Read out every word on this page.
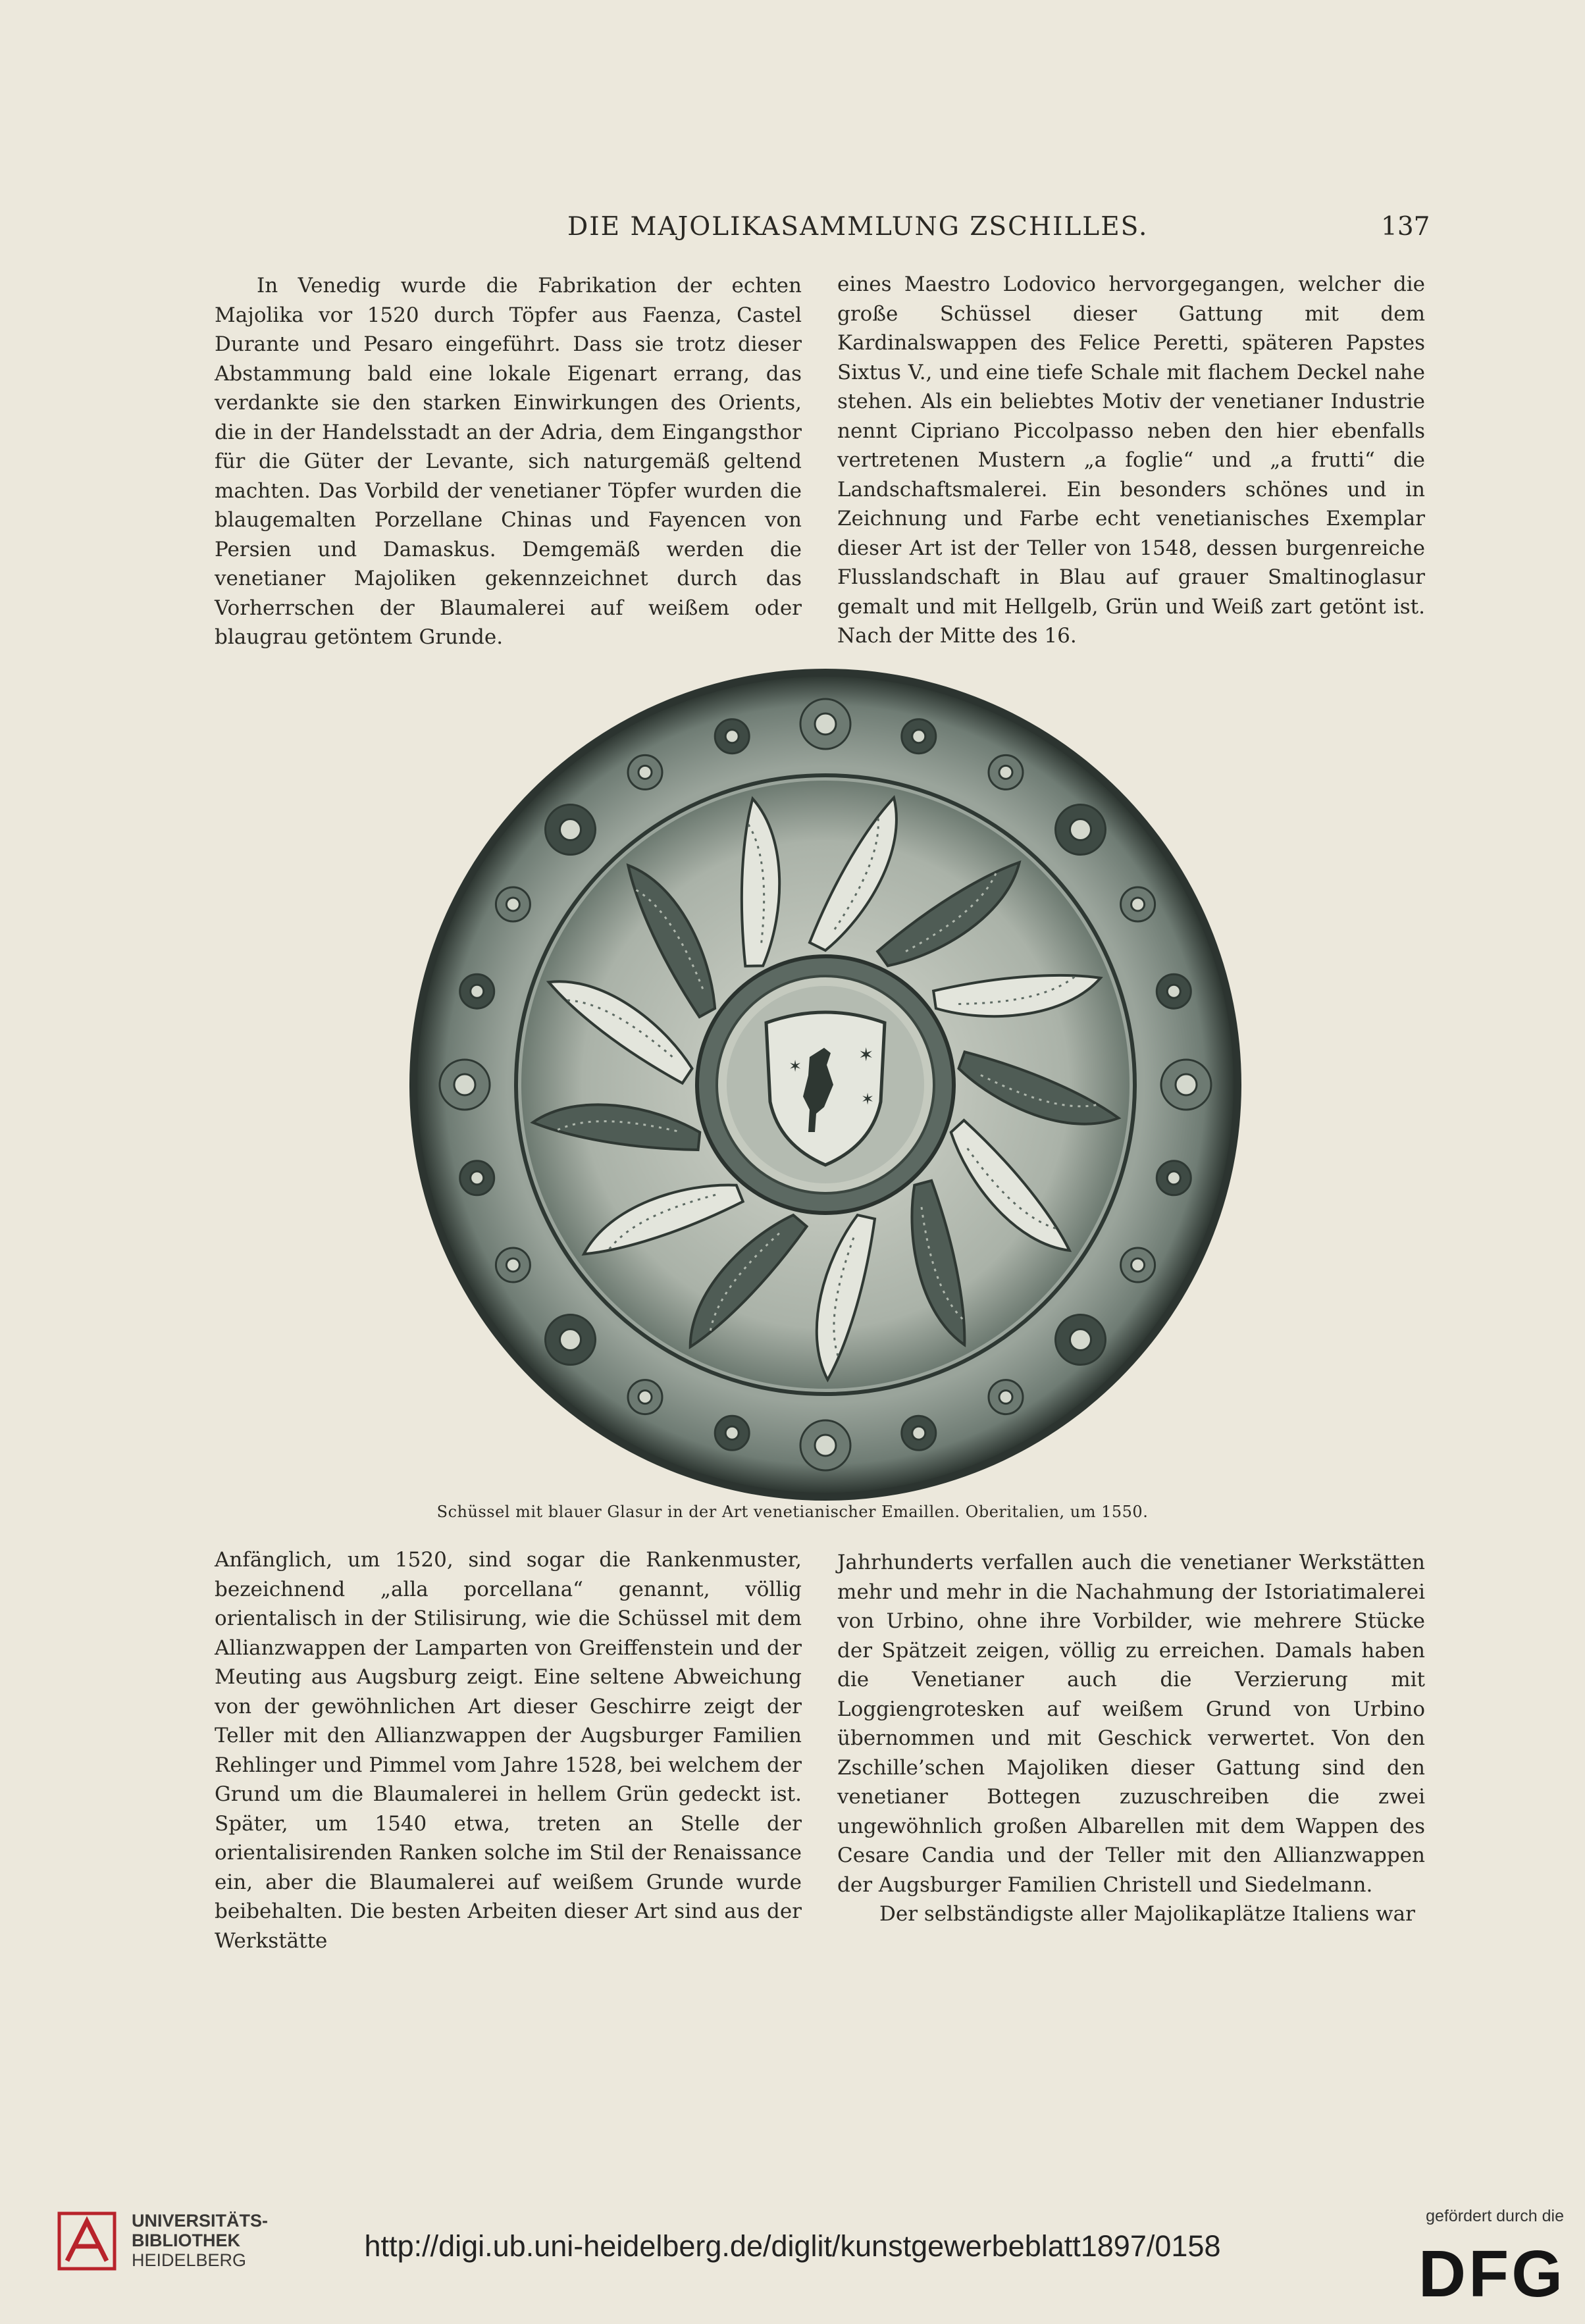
DIE MAJOLIKASAMMLUNG ZSCHILLES.	137

In Venedig wurde die Fabrikation der echten Majolika vor 1520 durch Töpfer aus Faenza, Castel Durante und Pesaro eingeführt. Dass sie trotz dieser Abstammung bald eine lokale Eigenart errang, das verdankte sie den starken Einwirkungen des Orients, die in der Handelsstadt an der Adria, dem Eingangsthor für die Güter der Levante, sich naturgemäß geltend machten. Das Vorbild der venetianer Töpfer wurden die blaugemalten Porzellane Chinas und Fayencen von Persien und Damaskus. Demgemäß werden die venetianer Majoliken gekennzeichnet durch das Vorherrschen der Blaumalerei auf weißem oder blaugrau getöntem Grunde.

eines Maestro Lodovico hervorgegangen, welcher die große Schüssel dieser Gattung mit dem Kardinalswappen des Felice Peretti, späteren Papstes Sixtus V., und eine tiefe Schale mit flachem Deckel nahe stehen. Als ein beliebtes Motiv der venetianer Industrie nennt Cipriano Piccolpasso neben den hier ebenfalls vertretenen Mustern „a foglie“ und „a frutti“ die Landschaftsmalerei. Ein besonders schönes und in Zeichnung und Farbe echt venetianisches Exemplar dieser Art ist der Teller von 1548, dessen burgenreiche Flusslandschaft in Blau auf grauer Smaltinoglasur gemalt und mit Hellgelb, Grün und Weiß zart getönt ist. Nach der Mitte des 16.

✶
✶
✶
Schüssel mit blauer Glasur in der Art venetianischer Emaillen. Oberitalien, um 1550.

Anfänglich, um 1520, sind sogar die Rankenmuster, bezeichnend „alla porcellana“ genannt, völlig orientalisch in der Stilisirung, wie die Schüssel mit dem Allianzwappen der Lamparten von Greiffenstein und der Meuting aus Augsburg zeigt. Eine seltene Abweichung von der gewöhnlichen Art dieser Geschirre zeigt der Teller mit den Allianzwappen der Augsburger Familien Rehlinger und Pimmel vom Jahre 1528, bei welchem der Grund um die Blaumalerei in hellem Grün gedeckt ist. Später, um 1540 etwa, treten an Stelle der orientalisirenden Ranken solche im Stil der Renaissance ein, aber die Blaumalerei auf weißem Grunde wurde beibehalten. Die besten Arbeiten dieser Art sind aus der Werkstätte

Jahrhunderts verfallen auch die venetianer Werkstätten mehr und mehr in die Nachahmung der Istoriatimalerei von Urbino, ohne ihre Vorbilder, wie mehrere Stücke der Spätzeit zeigen, völlig zu erreichen. Damals haben die Venetianer auch die Verzierung mit Loggiengrotesken auf weißem Grund von Urbino übernommen und mit Geschick verwertet. Von den Zschille’schen Majoliken dieser Gattung sind den venetianer Bottegen zuzuschreiben die zwei ungewöhnlich großen Albarellen mit dem Wappen des Cesare Candia und der Teller mit den Allianzwappen der Augsburger Familien Christell und Siedelmann.

Der selbständigste aller Majolikaplätze Italiens war

UNIVERSITÄTS-
BIBLIOTHEK
HEIDELBERG	http://digi.ub.uni-heidelberg.de/diglit/kunstgewerbeblatt1897/0158
gefördert durch die
DFG
